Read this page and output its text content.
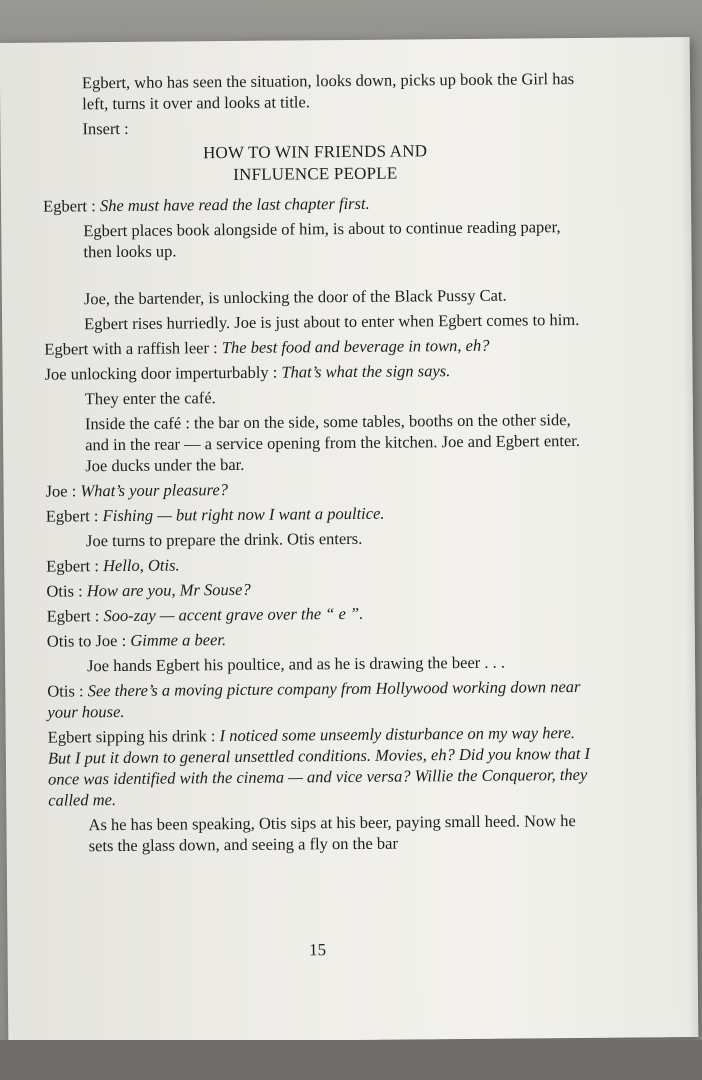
Egbert, who has seen the situation, looks down, picks up book the Girl has left, turns it over and looks at title.

Insert :

HOW TO WIN FRIENDS AND
INFLUENCE PEOPLE

Egbert : She must have read the last chapter first.

Egbert places book alongside of him, is about to continue reading paper, then looks up.

Joe, the bartender, is unlocking the door of the Black Pussy Cat.

Egbert rises hurriedly. Joe is just about to enter when Egbert comes to him.

Egbert with a raffish leer : The best food and beverage in town, eh?

Joe unlocking door imperturbably : That’s what the sign says.

They enter the café.

Inside the café : the bar on the side, some tables, booths on the other side, and in the rear — a service opening from the kitchen. Joe and Egbert enter. Joe ducks under the bar.

Joe : What’s your pleasure?

Egbert : Fishing — but right now I want a poultice.

Joe turns to prepare the drink. Otis enters.

Egbert : Hello, Otis.

Otis : How are you, Mr Souse?

Egbert : Soo-zay — accent grave over the “ e ”.

Otis to Joe : Gimme a beer.

Joe hands Egbert his poultice, and as he is drawing the beer . . .

Otis : See there’s a moving picture company from Hollywood working down near your house.

Egbert sipping his drink : I noticed some unseemly disturbance on my way here. But I put it down to general unsettled conditions. Movies, eh? Did you know that I once was identified with the cinema — and vice versa? Willie the Conqueror, they called me.

As he has been speaking, Otis sips at his beer, paying small heed. Now he sets the glass down, and seeing a fly on the bar

15
